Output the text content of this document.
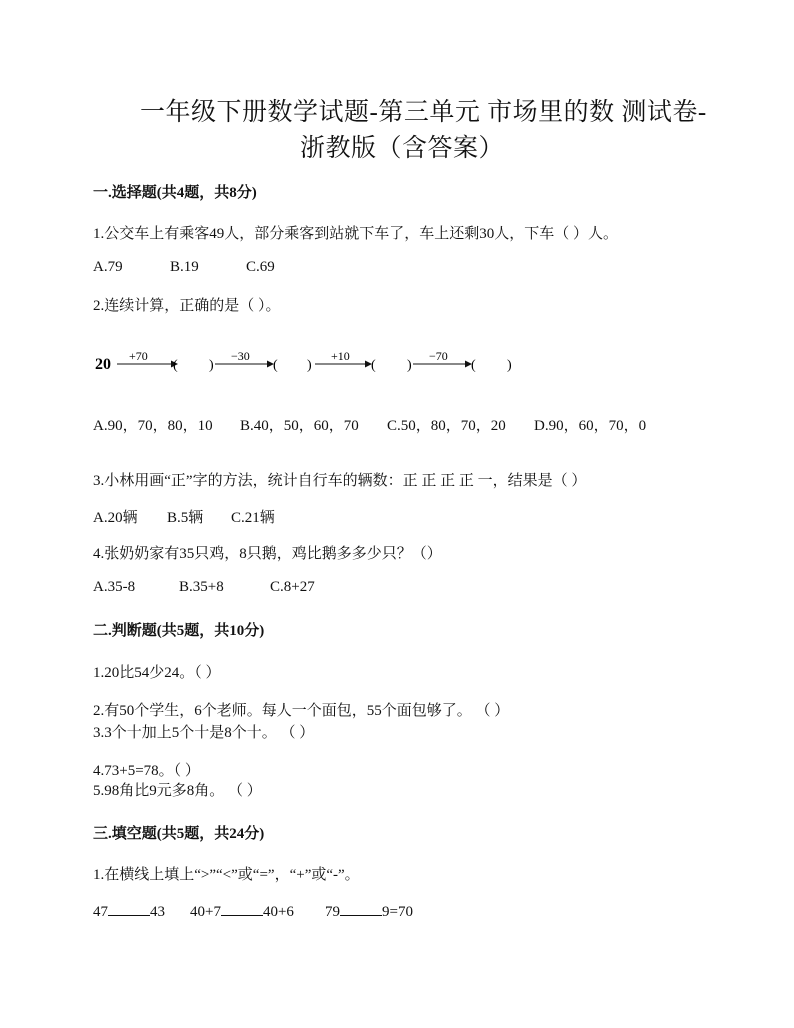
一年级下册数学试题-第三单元 市场里的数 测试卷-
浙教版（含答案）
一.选择题(共4题，共8分)
1.公交车上有乘客49人，部分乘客到站就下车了，车上还剩30人，下车（ ）人。
A.79	B.19	C.69
2.连续计算，正确的是（ ）。
20 +70
( )
−30
( )
+10
( )
−70
( )
A.90，70，80，10 B.40，50，60，70 C.50，80，70，20 D.90，60，70，0
3.小林用画“正”字的方法，统计自行车的辆数：正 正 正 正 一，结果是（ ）
A.20辆 B.5辆 C.21辆
4.张奶奶家有35只鸡，8只鹅，鸡比鹅多多少只？（）
A.35-8	B.35+8	C.8+27
二.判断题(共5题，共10分)
1.20比54少24。（ ）
2.有50个学生，6个老师。每人一个面包，55个面包够了。 （ ）
3.3个十加上5个十是8个十。 （ ）
4.73+5=78。（ ）
5.98角比9元多8角。 （ ）
三.填空题(共5题，共24分)
1.在横线上填上“>”“<”或“=”，“+”或“-”。
47	43 40+7	40+6 79	9=70
